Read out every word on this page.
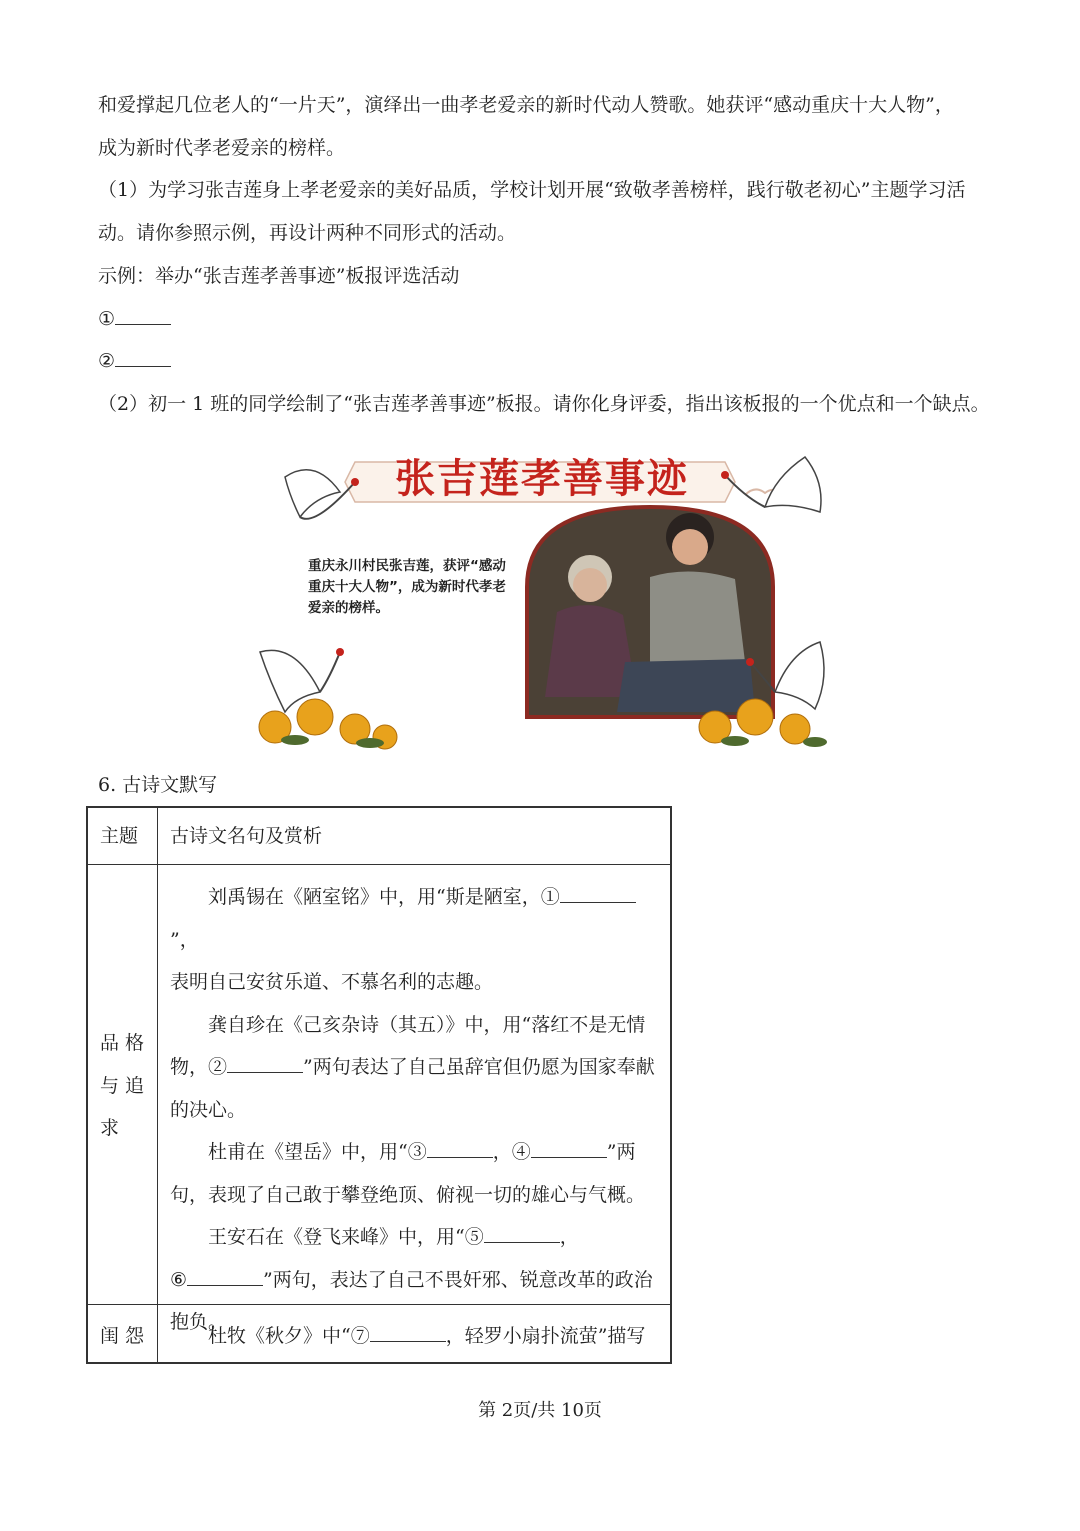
和爱撑起几位老人的“一片天”，演绎出一曲孝老爱亲的新时代动人赞歌。她获评“感动重庆十大人物”，
成为新时代孝老爱亲的榜样。
（1）为学习张吉莲身上孝老爱亲的美好品质，学校计划开展“致敬孝善榜样，践行敬老初心”主题学习活
动。请你参照示例，再设计两种不同形式的活动。
示例：举办“张吉莲孝善事迹”板报评选活动
①
②
（2）初一 1 班的同学绘制了“张吉莲孝善事迹”板报。请你化身评委，指出该板报的一个优点和一个缺点。
张吉莲孝善事迹
重庆永川村民张吉莲，获评“感动重庆十大人物”，成为新时代孝老爱亲的榜样。
6. 古诗文默写
主题 古诗文名句及赏析
品 格 与 追 求

刘禹锡在《陋室铭》中，用“斯是陋室，①”，

表明自己安贫乐道、不慕名利的志趣。

龚自珍在《己亥杂诗（其五）》中，用“落红不是无情

物，②	”两句表达了自己虽辞官但仍愿为国家奉献

的决心。

杜甫在《望岳》中，用“③	，④	”两

句，表现了自己敢于攀登绝顶、俯视一切的雄心与气概。

王安石在《登飞来峰》中，用“⑤	，

⑥	”两句，表达了自己不畏奸邪、锐意改革的政治

抱负。

闺 怨	杜牧《秋夕》中“⑦	，轻罗小扇扑流萤”描写

第 2页/共 10页
